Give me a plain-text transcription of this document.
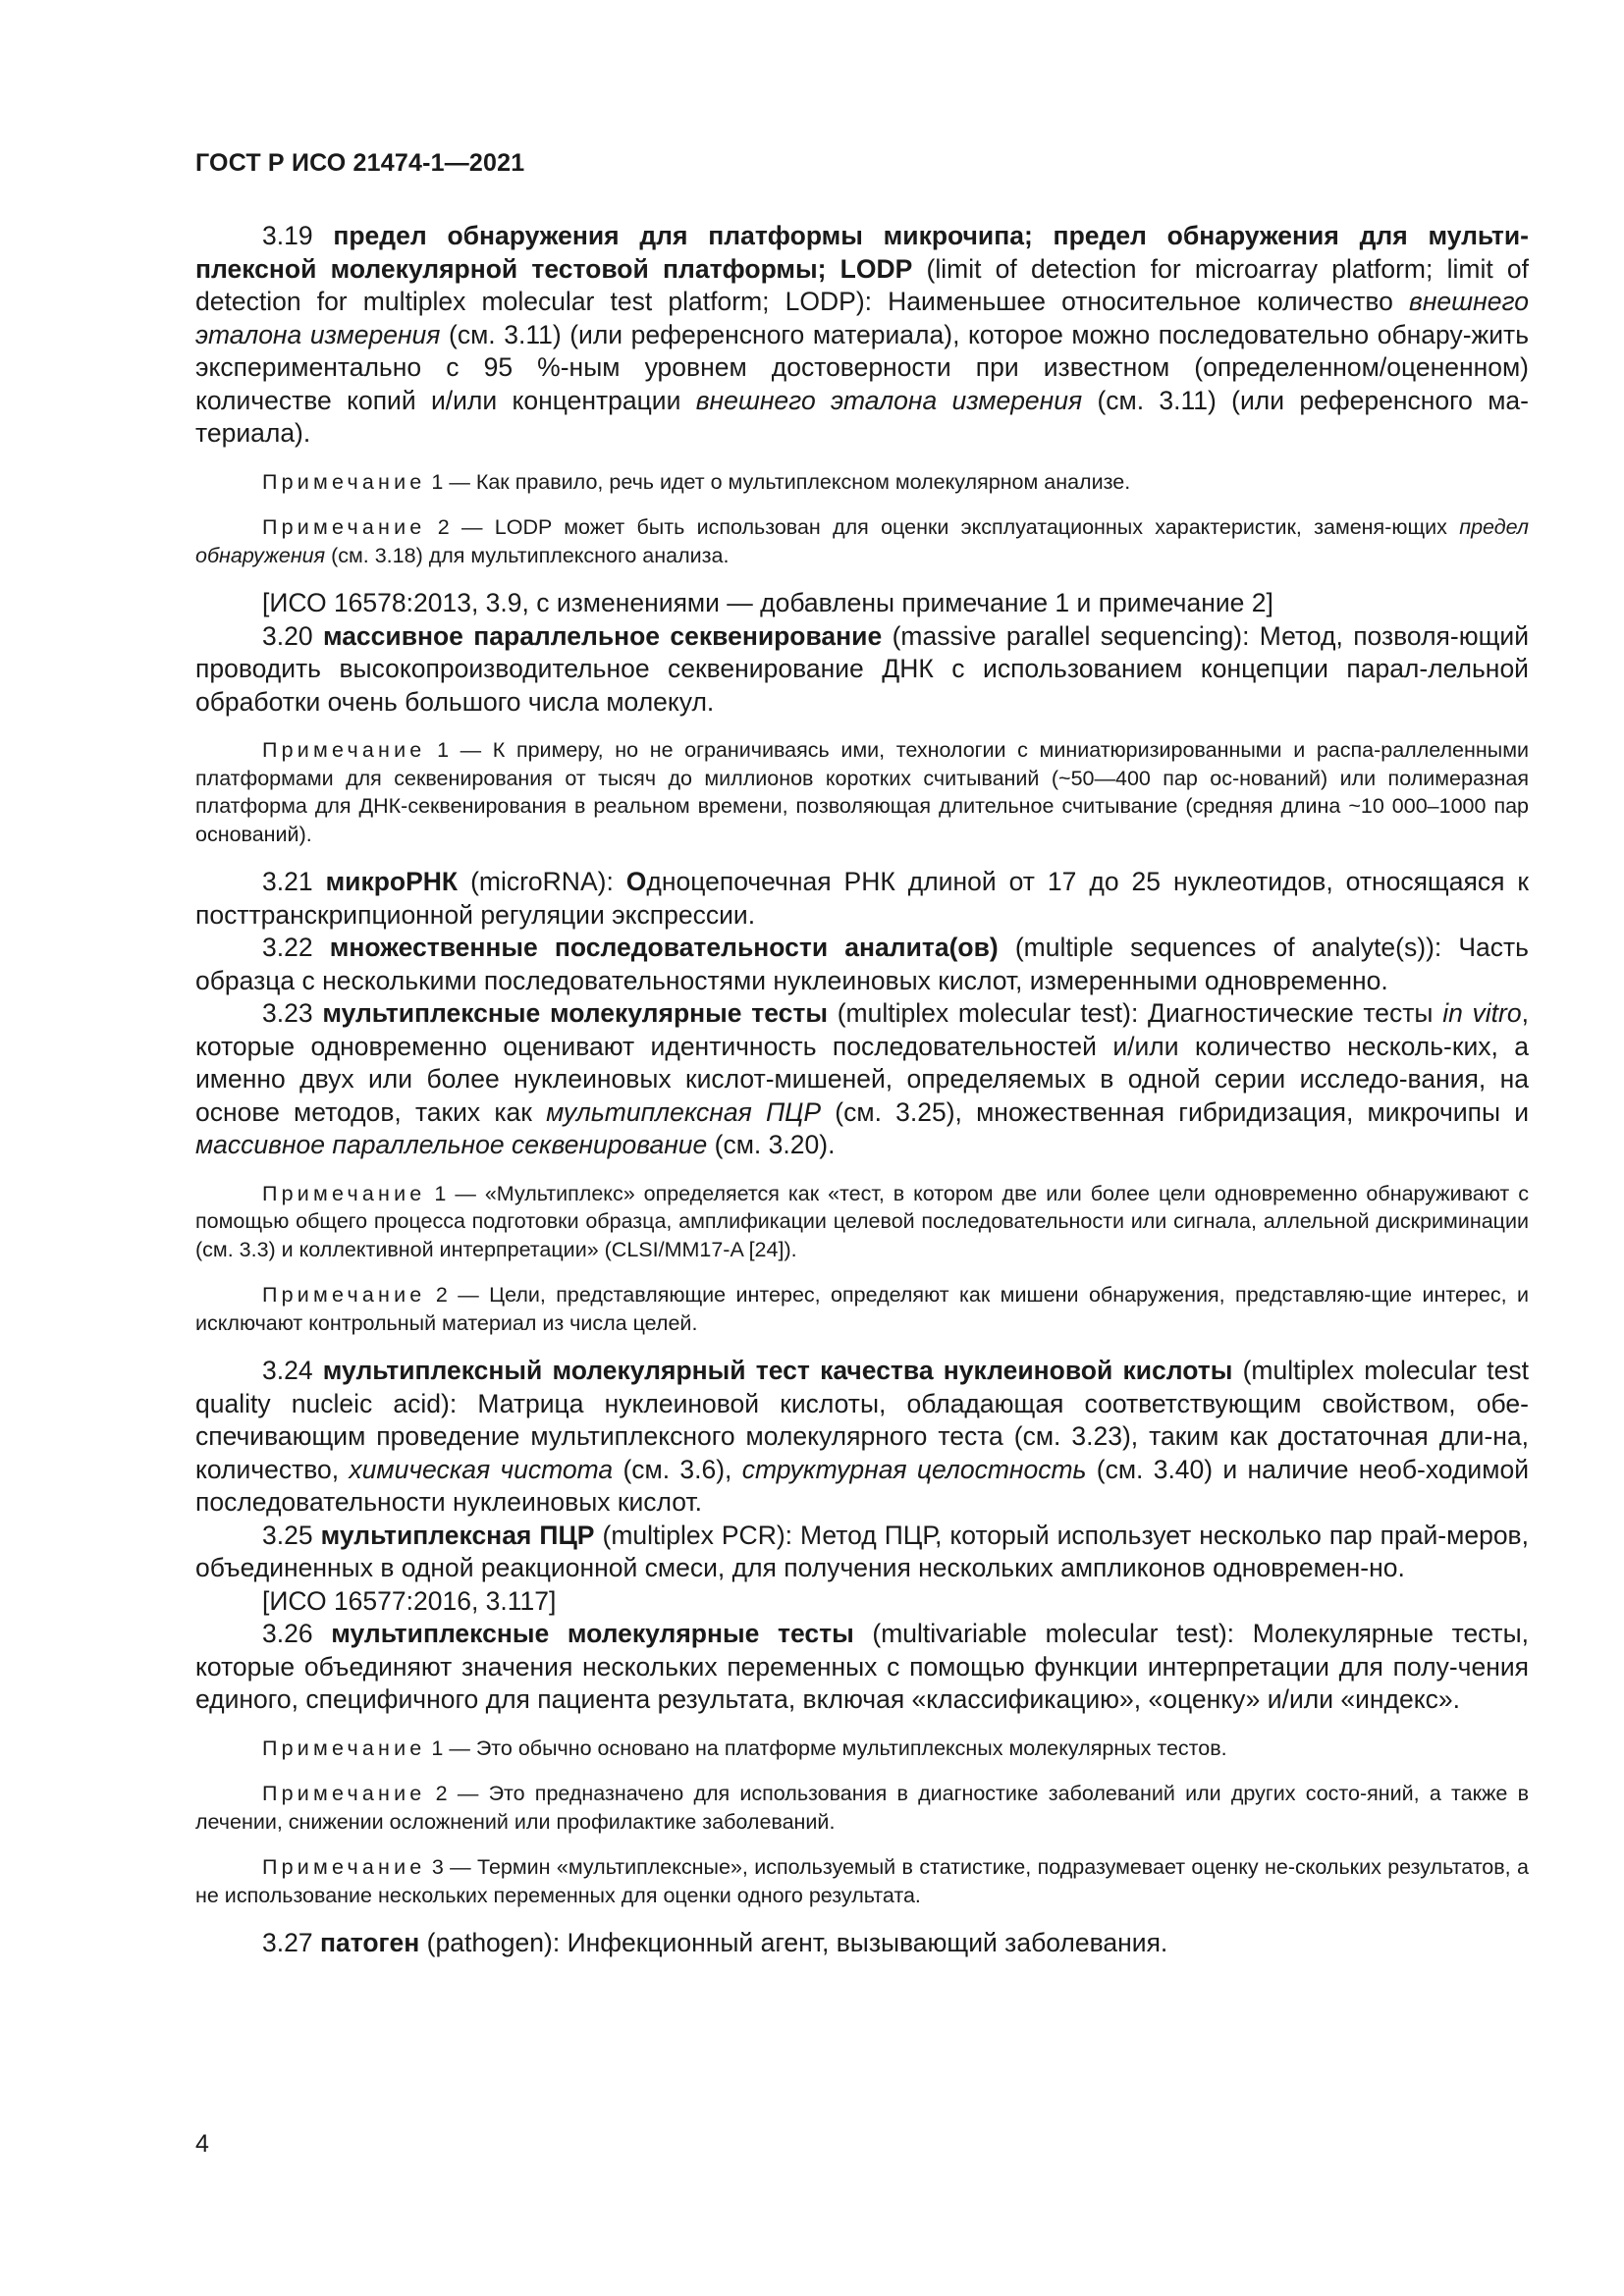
ГОСТ Р ИСО 21474-1—2021

3.19 предел обнаружения для платформы микрочипа; предел обнаружения для мульти-плексной молекулярной тестовой платформы; LODP (limit of detection for microarray platform; limit of detection for multiplex molecular test platform; LODP): Наименьшее относительное количество внешнего эталона измерения (см. 3.11) (или референсного материала), которое можно последовательно обнару-жить экспериментально с 95 %-ным уровнем достоверности при известном (определенном/оцененном) количестве копий и/или концентрации внешнего эталона измерения (см. 3.11) (или референсного ма-териала).

Примечание 1 — Как правило, речь идет о мультиплексном молекулярном анализе.

Примечание 2 — LODP может быть использован для оценки эксплуатационных характеристик, заменя-ющих предел обнаружения (см. 3.18) для мультиплексного анализа.

[ИСО 16578:2013, 3.9, с изменениями — добавлены примечание 1 и примечание 2]

3.20 массивное параллельное секвенирование (massive parallel sequencing): Метод, позволя-ющий проводить высокопроизводительное секвенирование ДНК с использованием концепции парал-лельной обработки очень большого числа молекул.

Примечание 1 — К примеру, но не ограничиваясь ими, технологии с миниатюризированными и распа-раллеленными платформами для секвенирования от тысяч до миллионов коротких считываний (~50—400 пар ос-нований) или полимеразная платформа для ДНК-секвенирования в реальном времени, позволяющая длительное считывание (средняя длина ~10 000–1000 пар оснований).

3.21 микроРНК (microRNA): Одноцепочечная РНК длиной от 17 до 25 нуклеотидов, относящаяся к посттранскрипционной регуляции экспрессии.

3.22 множественные последовательности аналита(ов) (multiple sequences of analyte(s)): Часть образца с несколькими последовательностями нуклеиновых кислот, измеренными одновременно.

3.23 мультиплексные молекулярные тесты (multiplex molecular test): Диагностические тесты in vitro, которые одновременно оценивают идентичность последовательностей и/или количество несколь-ких, а именно двух или более нуклеиновых кислот-мишеней, определяемых в одной серии исследо-вания, на основе методов, таких как мультиплексная ПЦР (см. 3.25), множественная гибридизация, микрочипы и массивное параллельное секвенирование (см. 3.20).

Примечание 1 — «Мультиплекс» определяется как «тест, в котором две или более цели одновременно обнаруживают с помощью общего процесса подготовки образца, амплификации целевой последовательности или сигнала, аллельной дискриминации (см. 3.3) и коллективной интерпретации» (CLSI/MM17-A [24]).

Примечание 2 — Цели, представляющие интерес, определяют как мишени обнаружения, представляю-щие интерес, и исключают контрольный материал из числа целей.

3.24 мультиплексный молекулярный тест качества нуклеиновой кислоты (multiplex molecular test quality nucleic acid): Матрица нуклеиновой кислоты, обладающая соответствующим свойством, обе-спечивающим проведение мультиплексного молекулярного теста (см. 3.23), таким как достаточная дли-на, количество, химическая чистота (см. 3.6), структурная целостность (см. 3.40) и наличие необ-ходимой последовательности нуклеиновых кислот.

3.25 мультиплексная ПЦР (multiplex PCR): Метод ПЦР, который использует несколько пар прай-меров, объединенных в одной реакционной смеси, для получения нескольких ампликонов одновремен-но.

[ИСО 16577:2016, 3.117]

3.26 мультиплексные молекулярные тесты (multivariable molecular test): Молекулярные тесты, которые объединяют значения нескольких переменных с помощью функции интерпретации для полу-чения единого, специфичного для пациента результата, включая «классификацию», «оценку» и/или «индекс».

Примечание 1 — Это обычно основано на платформе мультиплексных молекулярных тестов.

Примечание 2 — Это предназначено для использования в диагностике заболеваний или других состо-яний, а также в лечении, снижении осложнений или профилактике заболеваний.

Примечание 3 — Термин «мультиплексные», используемый в статистике, подразумевает оценку не-скольких результатов, а не использование нескольких переменных для оценки одного результата.

3.27 патоген (pathogen): Инфекционный агент, вызывающий заболевания.

4
